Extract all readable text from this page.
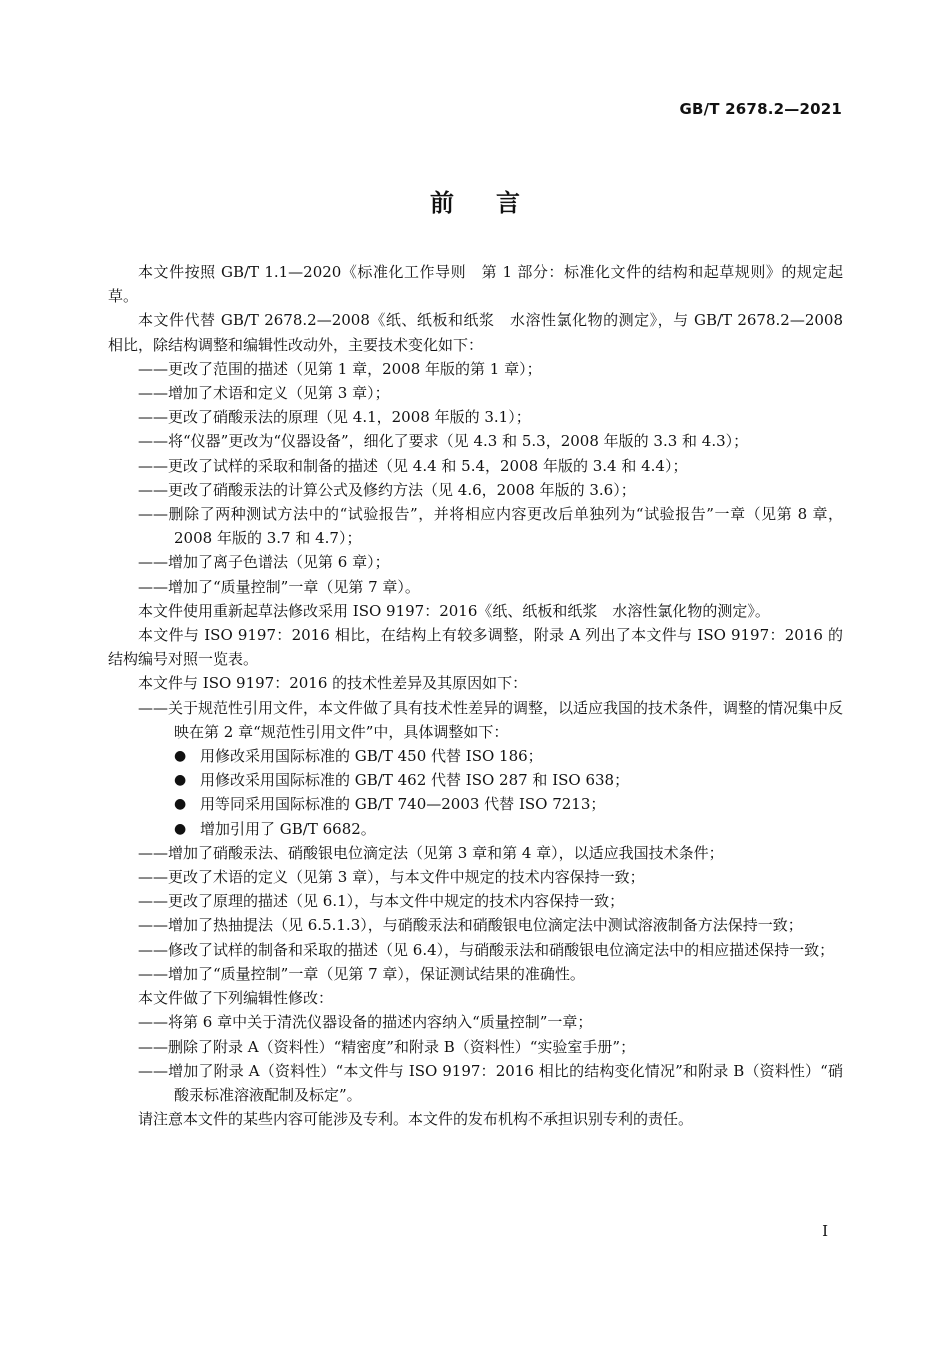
GB/T 2678.2—2021
前言

本文件按照 GB/T 1.1—2020《标准化工作导则　第 1 部分：标准化文件的结构和起草规则》的规定起草。

本文件代替 GB/T 2678.2—2008《纸、纸板和纸浆　水溶性氯化物的测定》，与 GB/T 2678.2—2008 相比，除结构调整和编辑性改动外，主要技术变化如下：

——更改了范围的描述（见第 1 章，2008 年版的第 1 章）；

——增加了术语和定义（见第 3 章）；

——更改了硝酸汞法的原理（见 4.1，2008 年版的 3.1）；

——将“仪器”更改为“仪器设备”，细化了要求（见 4.3 和 5.3，2008 年版的 3.3 和 4.3）；

——更改了试样的采取和制备的描述（见 4.4 和 5.4，2008 年版的 3.4 和 4.4）；

——更改了硝酸汞法的计算公式及修约方法（见 4.6，2008 年版的 3.6）；

——删除了两种测试方法中的“试验报告”，并将相应内容更改后单独列为“试验报告”一章（见第 8 章，2008 年版的 3.7 和 4.7）；

——增加了离子色谱法（见第 6 章）；

——增加了“质量控制”一章（见第 7 章）。

本文件使用重新起草法修改采用 ISO 9197：2016《纸、纸板和纸浆　水溶性氯化物的测定》。

本文件与 ISO 9197：2016 相比，在结构上有较多调整，附录 A 列出了本文件与 ISO 9197：2016 的结构编号对照一览表。

本文件与 ISO 9197：2016 的技术性差异及其原因如下：

——关于规范性引用文件，本文件做了具有技术性差异的调整，以适应我国的技术条件，调整的情况集中反映在第 2 章“规范性引用文件”中，具体调整如下：

● 用修改采用国际标准的 GB/T 450 代替 ISO 186；

● 用修改采用国际标准的 GB/T 462 代替 ISO 287 和 ISO 638；

● 用等同采用国际标准的 GB/T 740—2003 代替 ISO 7213；

● 增加引用了 GB/T 6682。

——增加了硝酸汞法、硝酸银电位滴定法（见第 3 章和第 4 章），以适应我国技术条件；

——更改了术语的定义（见第 3 章），与本文件中规定的技术内容保持一致；

——更改了原理的描述（见 6.1），与本文件中规定的技术内容保持一致；

——增加了热抽提法（见 6.5.1.3），与硝酸汞法和硝酸银电位滴定法中测试溶液制备方法保持一致；

——修改了试样的制备和采取的描述（见 6.4），与硝酸汞法和硝酸银电位滴定法中的相应描述保持一致；

——增加了“质量控制”一章（见第 7 章），保证测试结果的准确性。

本文件做了下列编辑性修改：

——将第 6 章中关于清洗仪器设备的描述内容纳入“质量控制”一章；

——删除了附录 A（资料性）“精密度”和附录 B（资料性）“实验室手册”；

——增加了附录 A（资料性）“本文件与 ISO 9197：2016 相比的结构变化情况”和附录 B（资料性）“硝酸汞标准溶液配制及标定”。

请注意本文件的某些内容可能涉及专利。本文件的发布机构不承担识别专利的责任。

I
